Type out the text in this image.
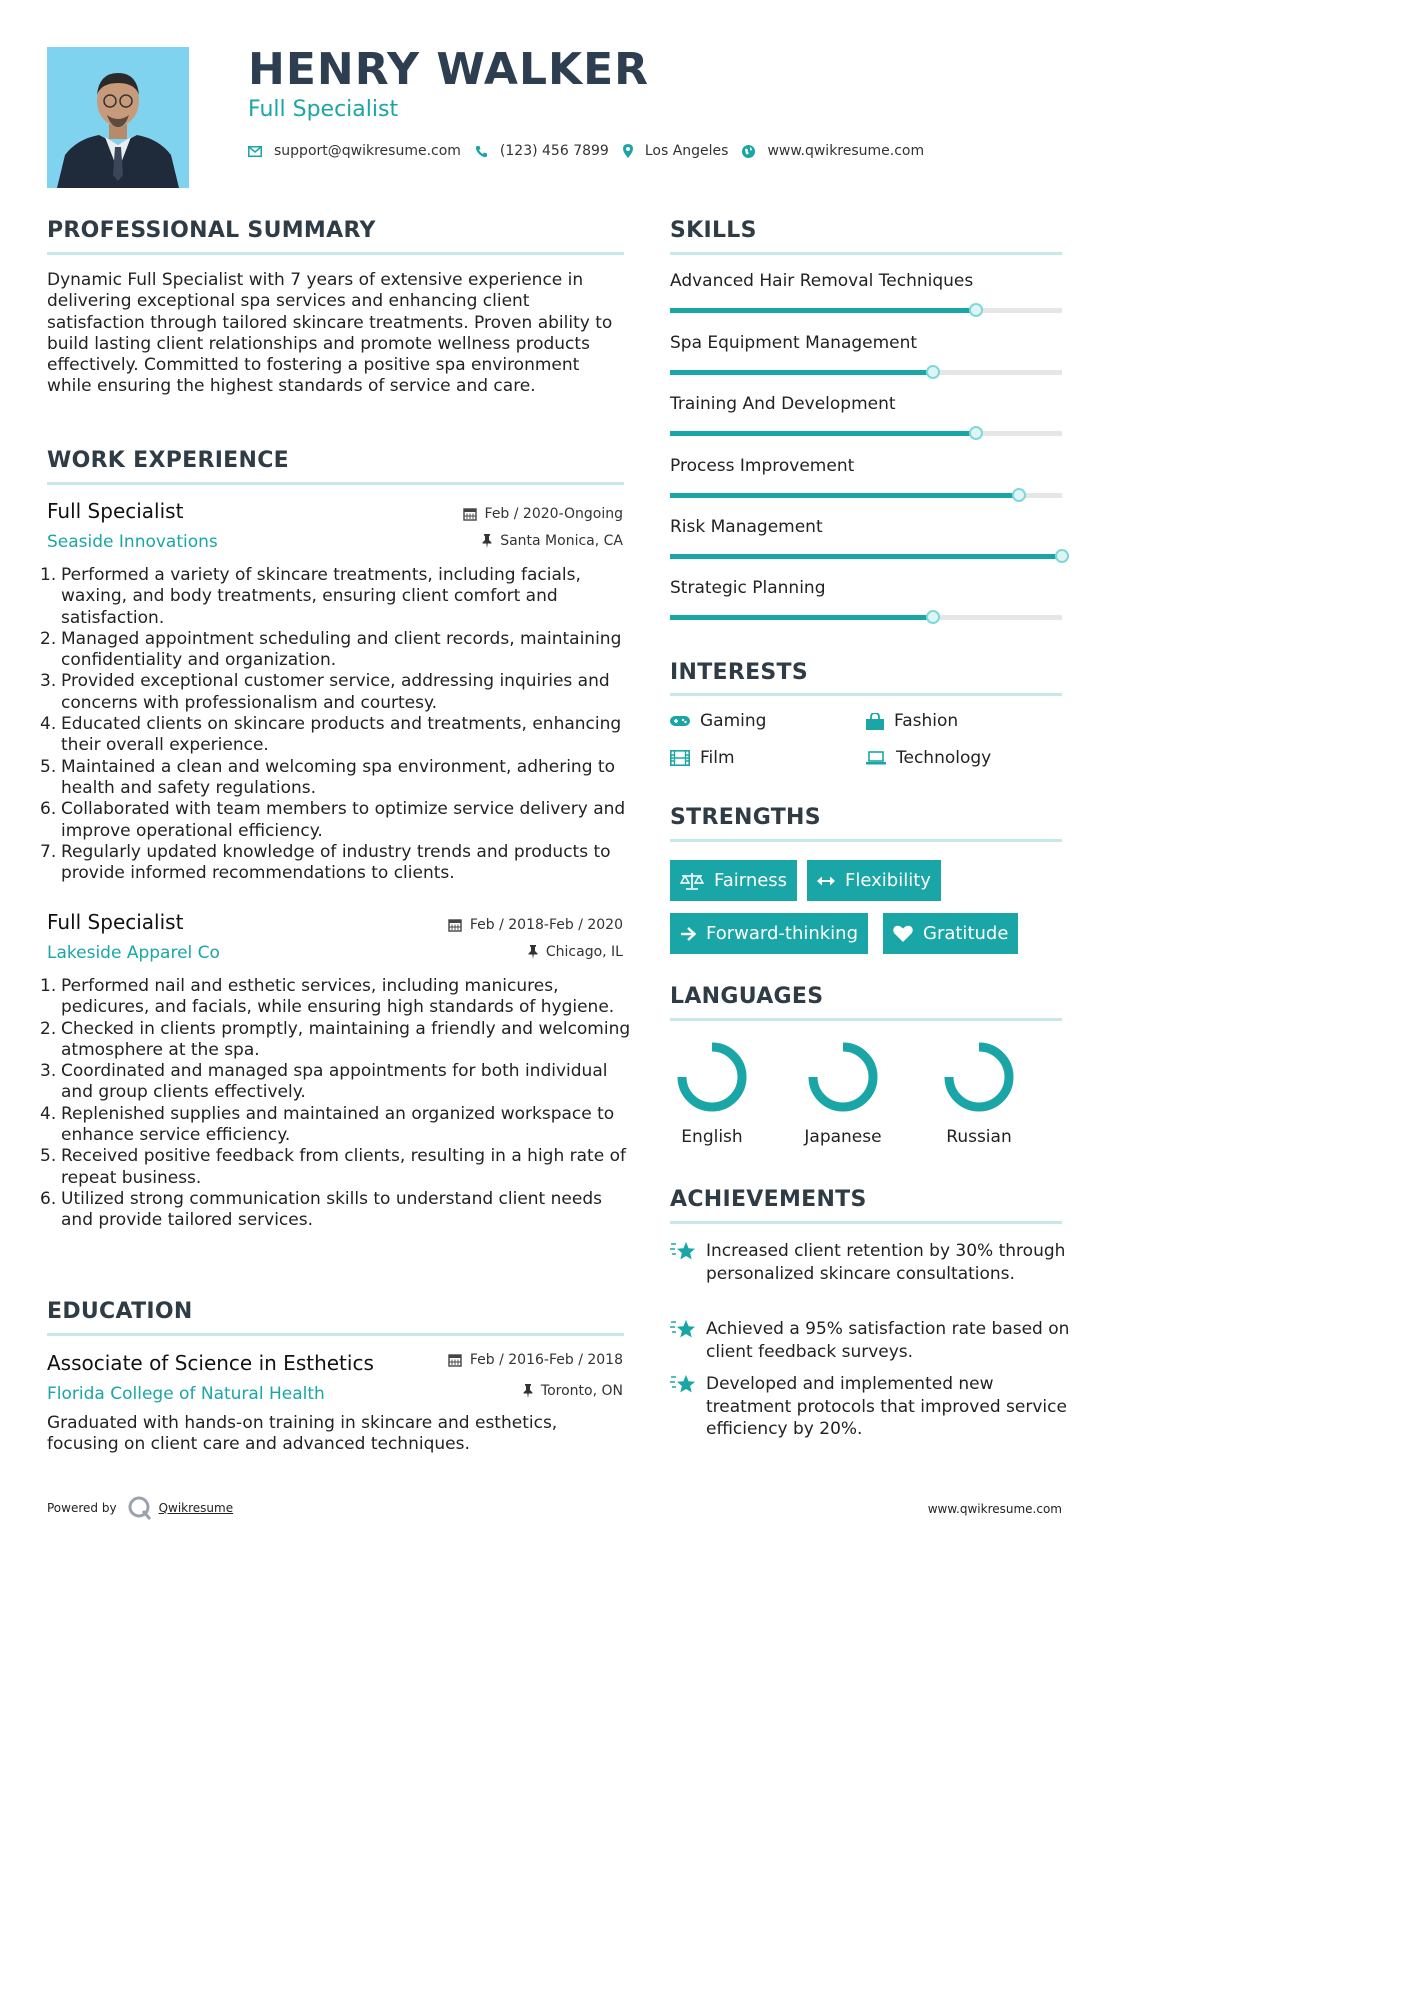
HENRY WALKER
Full Specialist
support@qwikresume.com	(123) 456 7899	Los Angeles	www.qwikresume.com
PROFESSIONAL SUMMARY
Dynamic Full Specialist with 7 years of extensive experience in delivering exceptional spa services and enhancing client satisfaction through tailored skincare treatments. Proven ability to build lasting client relationships and promote wellness products effectively. Committed to fostering a positive spa environment while ensuring the highest standards of service and care.
WORK EXPERIENCE
Full Specialist
Seaside Innovations
Feb / 2020-Ongoing
Santa Monica, CA
1. Performed a variety of skincare treatments, including facials, waxing, and body treatments, ensuring client comfort and satisfaction.
2. Managed appointment scheduling and client records, maintaining confidentiality and organization.
3. Provided exceptional customer service, addressing inquiries and concerns with professionalism and courtesy.
4. Educated clients on skincare products and treatments, enhancing their overall experience.
5. Maintained a clean and welcoming spa environment, adhering to health and safety regulations.
6. Collaborated with team members to optimize service delivery and improve operational efficiency.
7. Regularly updated knowledge of industry trends and products to provide informed recommendations to clients.
Full Specialist
Lakeside Apparel Co
Feb / 2018-Feb / 2020
Chicago, IL
1. Performed nail and esthetic services, including manicures, pedicures, and facials, while ensuring high standards of hygiene.
2. Checked in clients promptly, maintaining a friendly and welcoming atmosphere at the spa.
3. Coordinated and managed spa appointments for both individual and group clients effectively.
4. Replenished supplies and maintained an organized workspace to enhance service efficiency.
5. Received positive feedback from clients, resulting in a high rate of repeat business.
6. Utilized strong communication skills to understand client needs and provide tailored services.
EDUCATION
Associate of Science in Esthetics
Florida College of Natural Health
Feb / 2016-Feb / 2018
Toronto, ON
Graduated with hands-on training in skincare and esthetics, focusing on client care and advanced techniques.
SKILLS
Advanced Hair Removal Techniques
Spa Equipment Management
Training And Development
Process Improvement
Risk Management
Strategic Planning
INTERESTS
Gaming	Fashion
Film	Technology
STRENGTHS
Fairness	Flexibility
Forward-thinking	Gratitude
LANGUAGES
English	Japanese	Russian
ACHIEVEMENTS
Increased client retention by 30% through personalized skincare consultations.
Achieved a 95% satisfaction rate based on client feedback surveys.
Developed and implemented new treatment protocols that improved service efficiency by 20%.
Powered by	Qwikresume	www.qwikresume.com
